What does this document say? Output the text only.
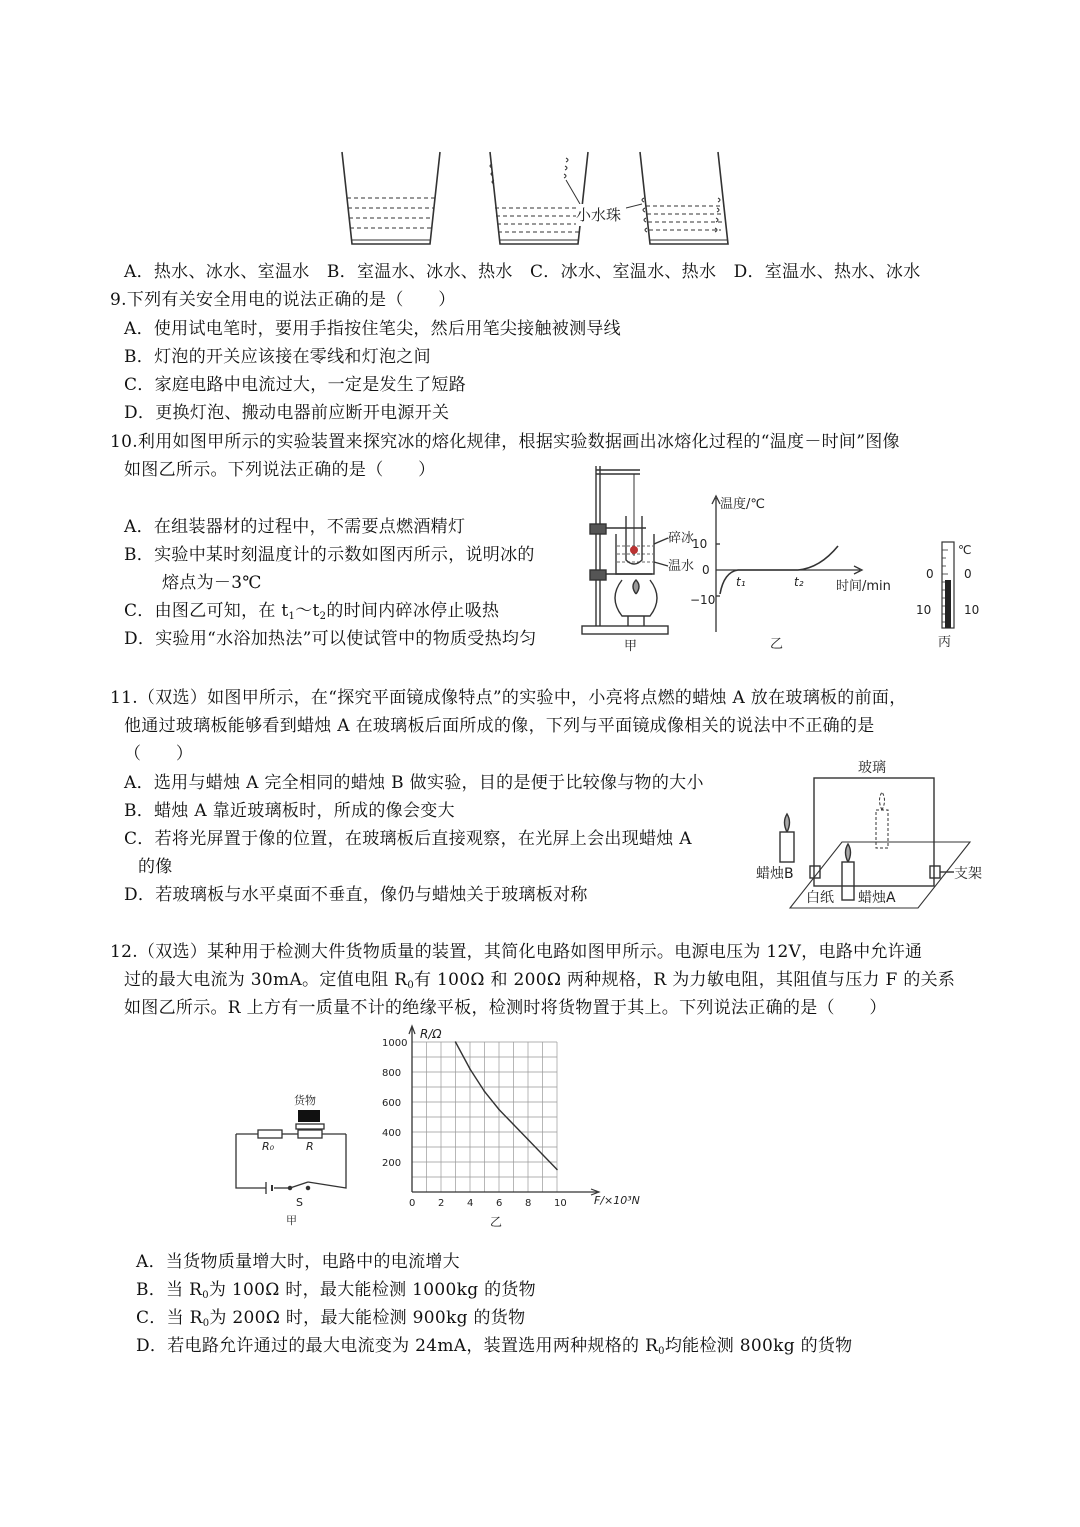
小水珠
A．热水、冰水、室温水　B．室温水、冰水、热水　C．冰水、室温水、热水　D．室温水、热水、冰水
9.下列有关安全用电的说法正确的是（　　）
A．使用试电笔时，要用手指按住笔尖，然后用笔尖接触被测导线
B．灯泡的开关应该接在零线和灯泡之间
C．家庭电路中电流过大，一定是发生了短路
D．更换灯泡、搬动电器前应断开电源开关
10.利用如图甲所示的实验装置来探究冰的熔化规律，根据实验数据画出冰熔化过程的“温度－时间”图像
如图乙所示。下列说法正确的是（　　）
A．在组装器材的过程中，不需要点燃酒精灯
B．实验中某时刻温度计的示数如图丙所示，说明冰的
熔点为－3℃
C．由图乙可知，在 $t_1\sim t_2$的时间内碎冰停止吸热
D．实验用“水浴加热法”可以使试管中的物质受热均匀
碎冰
温水
甲
温度/℃
10
0
−10
t₁	t₂ 时间/min
乙
℃
0
10
0
10
丙
11.（双选）如图甲所示，在“探究平面镜成像特点”的实验中，小亮将点燃的蜡烛 A 放在玻璃板的前面，
他通过玻璃板能够看到蜡烛 A 在玻璃板后面所成的像，下列与平面镜成像相关的说法中不正确的是
（　　）
A．选用与蜡烛 A 完全相同的蜡烛 B 做实验，目的是便于比较像与物的大小
B．蜡烛 A 靠近玻璃板时，所成的像会变大
C．若将光屏置于像的位置，在玻璃板后直接观察，在光屏上会出现蜡烛 A
的像
D．若玻璃板与水平桌面不垂直，像仍与蜡烛关于玻璃板对称
玻璃
蜡烛B
白纸 蜡烛A
支架
12.（双选）某种用于检测大件货物质量的装置，其简化电路如图甲所示。电源电压为 12V，电路中允许通
过的最大电流为 30mA。定值电阻 $R_0$有 100Ω 和 200Ω 两种规格，R 为力敏电阻，其阻值与压力 F 的关系
如图乙所示。R 上方有一质量不计的绝缘平板，检测时将货物置于其上。下列说法正确的是（　　）
货物
R₀	R
S
甲
0 2 4 6 8 10
200
400
600
800
1000
R/Ω
F/×10³N
乙
A．当货物质量增大时，电路中的电流增大
B．当 $R_0$为 100Ω 时，最大能检测 1000kg 的货物
C．当 $R_0$为 200Ω 时，最大能检测 900kg 的货物
D．若电路允许通过的最大电流变为 24mA，装置选用两种规格的 $R_0$均能检测 800kg 的货物
